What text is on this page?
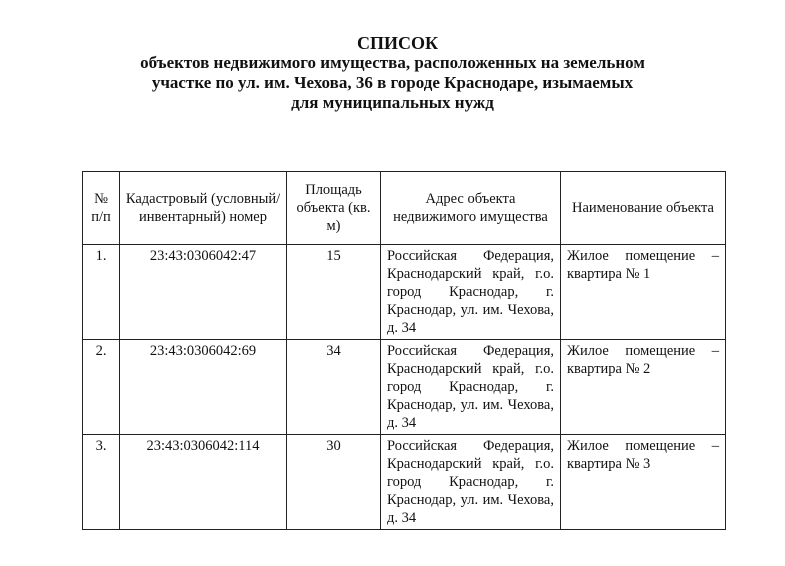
СПИСОК
объектов недвижимого имущества, расположенных на земельном
участке по ул. им. Чехова, 36 в городе Краснодаре, изымаемых
для муниципальных нужд
№ п/п	Кадастровый (условный/ инвентарный) номер	Площадь объекта (кв. м)	Адрес объекта недвижимого имущества	Наименование объекта
1.	23:43:0306042:47	15	Российская Федерация, Краснодарский край, г.о. город Краснодар, г. Краснодар, ул. им. Чехова, д. 34	Жилое помещение – квартира № 1
2.	23:43:0306042:69	34	Российская Федерация, Краснодарский край, г.о. город Краснодар, г. Краснодар, ул. им. Чехова, д. 34	Жилое помещение – квартира № 2
3.	23:43:0306042:114	30	Российская Федерация, Краснодарский край, г.о. город Краснодар, г. Краснодар, ул. им. Чехова, д. 34	Жилое помещение – квартира № 3
